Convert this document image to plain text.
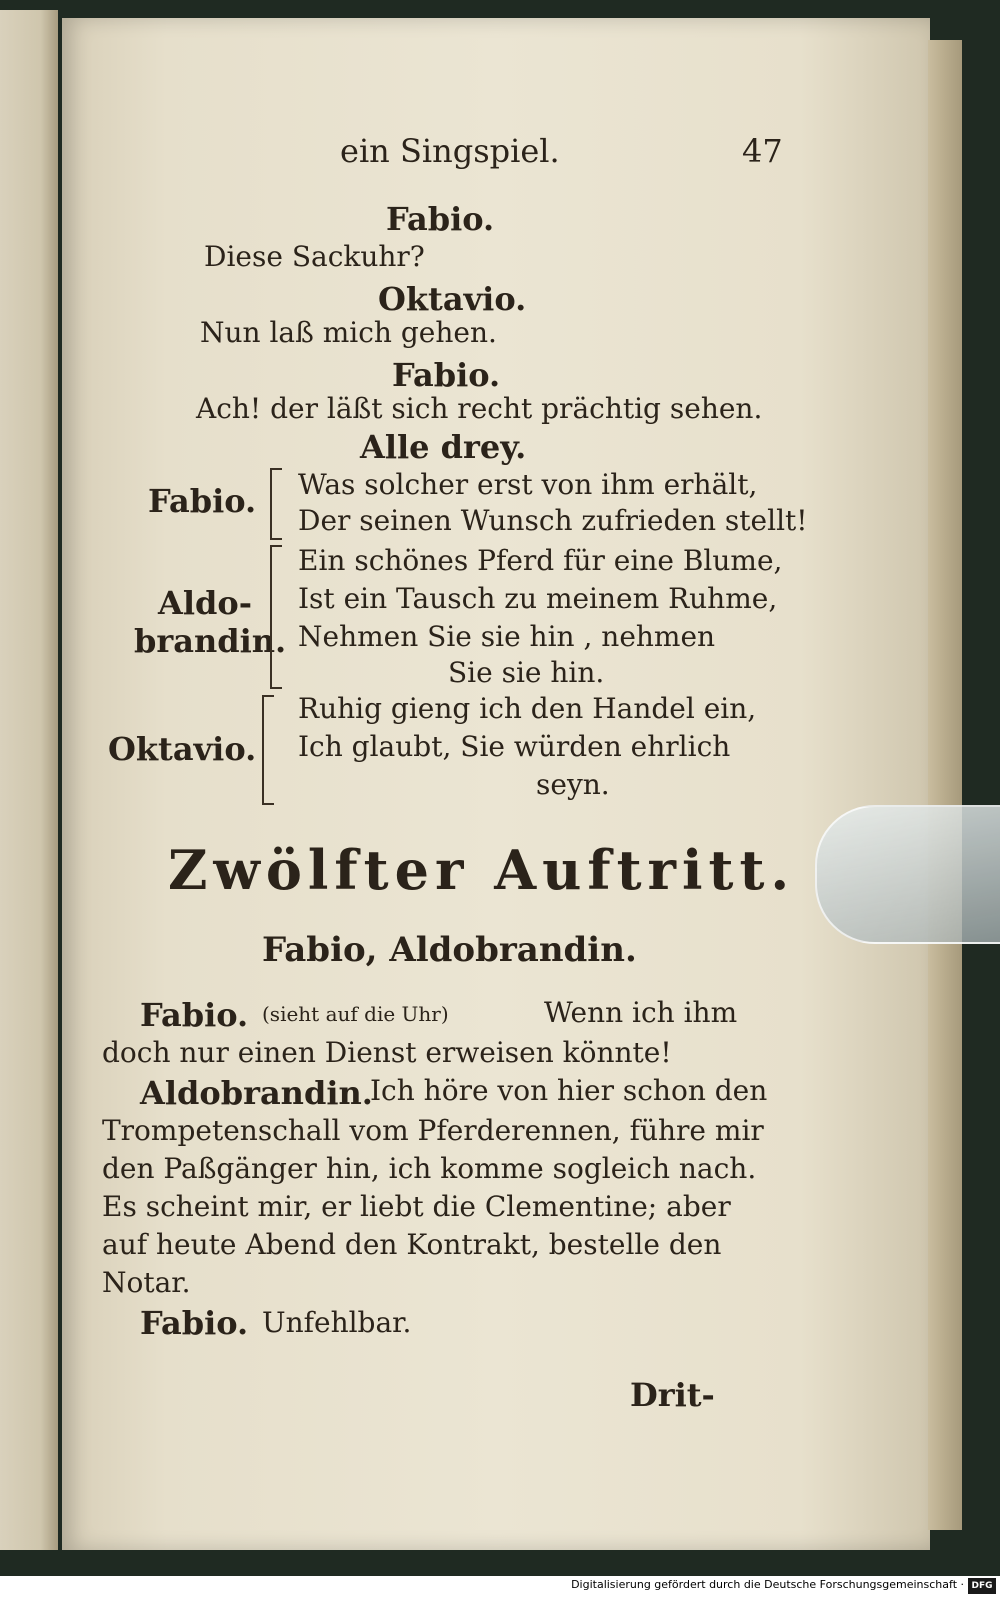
ein Singspiel.	47
Fabio.
Diese Sackuhr?
Oktavio.
Nun laß mich gehen.
Fabio.
Ach! der läßt sich recht prächtig sehen.
Alle drey.
Fabio. Was solcher erst von ihm erhält,
Der seinen Wunsch zufrieden stellt!
Aldo-
brandin.
Ein schönes Pferd für eine Blume,
Ist ein Tausch zu meinem Ruhme,
Nehmen Sie sie hin , nehmen
Sie sie hin.
Oktavio.
Ruhig gieng ich den Handel ein,
Ich glaubt, Sie würden ehrlich
seyn.
Zwölfter Auftritt.
Fabio, Aldobrandin.
Fabio. (sieht auf die Uhr)	Wenn ich ihm
doch nur einen Dienst erweisen könnte!
Aldobrandin.
Ich höre von hier schon den
Trompetenschall vom Pferderennen, führe mir
den Paßgänger hin, ich komme sogleich nach.
Es scheint mir, er liebt die Clementine; aber
auf heute Abend den Kontrakt, bestelle den
Notar.
Fabio. Unfehlbar.
Drit-
Digitalisierung gefördert durch die Deutsche Forschungsgemeinschaft · DFG
